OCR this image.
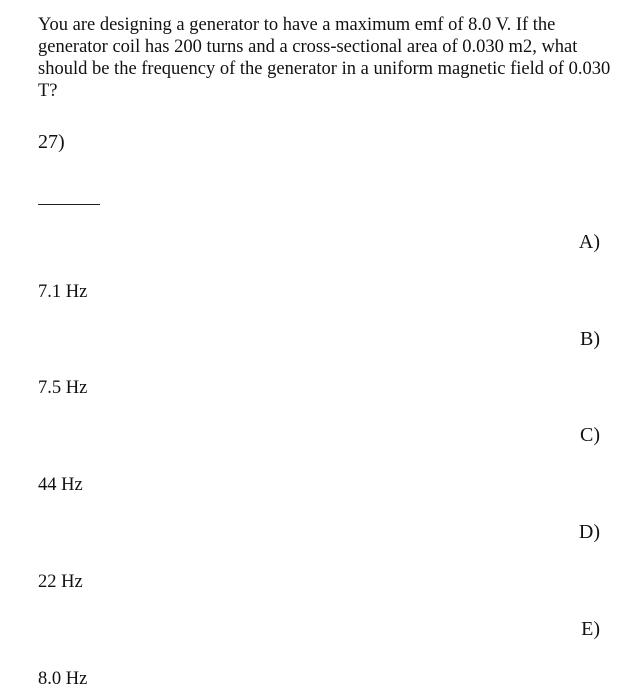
You are designing a generator to have a maximum emf of 8.0 V. If the generator coil has 200 turns and a cross-sectional area of 0.030 m2, what should be the frequency of the generator in a uniform magnetic field of 0.030 T?
27)
A)
7.1 Hz
B)
7.5 Hz
C)
44 Hz
D)
22 Hz
E)
8.0 Hz
